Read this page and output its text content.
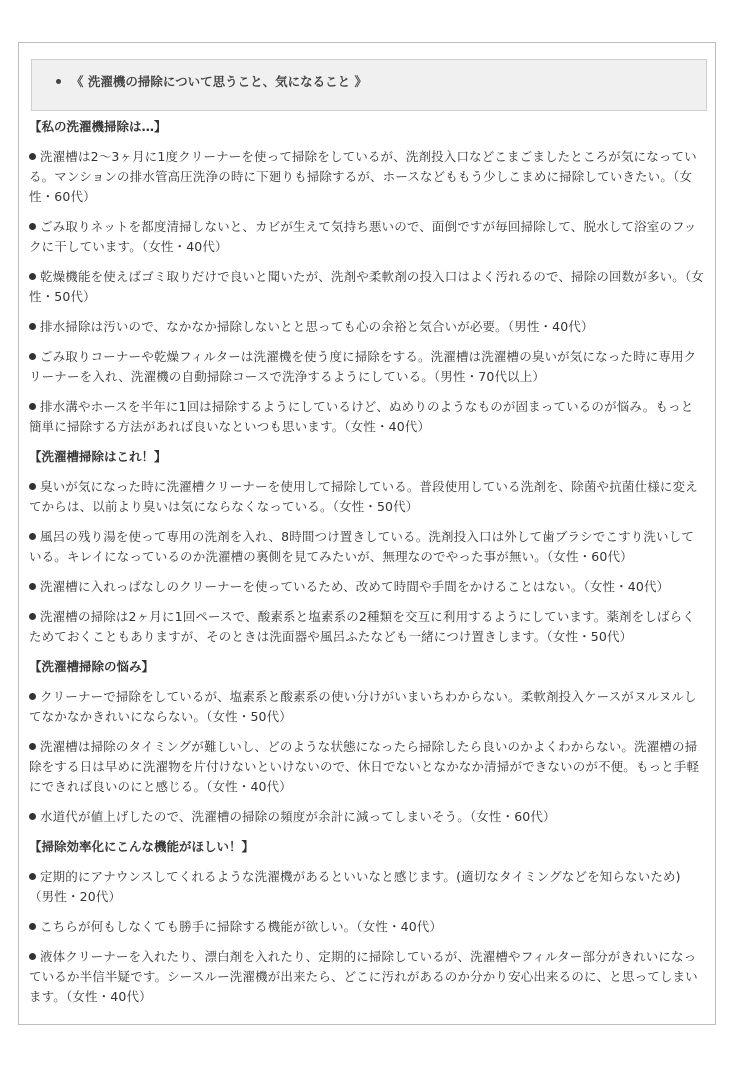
《 洗濯機の掃除について思うこと、気になること 》
【私の洗濯機掃除は…】
洗濯槽は2～3ヶ月に1度クリーナーを使って掃除をしているが、洗剤投入口などこまごましたところが気になっている。マンションの排水管高圧洗浄の時に下廻りも掃除するが、ホースなどももう少しこまめに掃除していきたい。（女性・60代）
ごみ取りネットを都度清掃しないと、カビが生えて気持ち悪いので、面倒ですが毎回掃除して、脱水して浴室のフックに干しています。（女性・40代）
乾燥機能を使えばゴミ取りだけで良いと聞いたが、洗剤や柔軟剤の投入口はよく汚れるので、掃除の回数が多い。（女性・50代）
排水掃除は汚いので、なかなか掃除しないとと思っても心の余裕と気合いが必要。（男性・40代）
ごみ取りコーナーや乾燥フィルターは洗濯機を使う度に掃除をする。洗濯槽は洗濯槽の臭いが気になった時に専用クリーナーを入れ、洗濯機の自動掃除コースで洗浄するようにしている。（男性・70代以上）
排水溝やホースを半年に1回は掃除するようにしているけど、ぬめりのようなものが固まっているのが悩み。もっと簡単に掃除する方法があれば良いなといつも思います。（女性・40代）
【洗濯槽掃除はこれ！】
臭いが気になった時に洗濯槽クリーナーを使用して掃除している。普段使用している洗剤を、除菌や抗菌仕様に変えてからは、以前より臭いは気にならなくなっている。（女性・50代）
風呂の残り湯を使って専用の洗剤を入れ、8時間つけ置きしている。洗剤投入口は外して歯ブラシでこすり洗いしている。キレイになっているのか洗濯槽の裏側を見てみたいが、無理なのでやった事が無い。（女性・60代）
洗濯槽に入れっぱなしのクリーナーを使っているため、改めて時間や手間をかけることはない。（女性・40代）
洗濯槽の掃除は2ヶ月に1回ペースで、酸素系と塩素系の2種類を交互に利用するようにしています。薬剤をしばらくためておくこともありますが、そのときは洗面器や風呂ふたなども一緒につけ置きします。（女性・50代）
【洗濯槽掃除の悩み】
クリーナーで掃除をしているが、塩素系と酸素系の使い分けがいまいちわからない。柔軟剤投入ケースがヌルヌルしてなかなかきれいにならない。（女性・50代）
洗濯槽は掃除のタイミングが難しいし、どのような状態になったら掃除したら良いのかよくわからない。洗濯槽の掃除をする日は早めに洗濯物を片付けないといけないので、休日でないとなかなか清掃ができないのが不便。もっと手軽にできれば良いのにと感じる。（女性・40代）
水道代が値上げしたので、洗濯槽の掃除の頻度が余計に減ってしまいそう。（女性・60代）
【掃除効率化にこんな機能がほしい！】
定期的にアナウンスしてくれるような洗濯機があるといいなと感じます。(適切なタイミングなどを知らないため)（男性・20代）
こちらが何もしなくても勝手に掃除する機能が欲しい。（女性・40代）
液体クリーナーを入れたり、漂白剤を入れたり、定期的に掃除しているが、洗濯槽やフィルター部分がきれいになっているか半信半疑です。シースルー洗濯機が出来たら、どこに汚れがあるのか分かり安心出来るのに、と思ってしまいます。（女性・40代）
